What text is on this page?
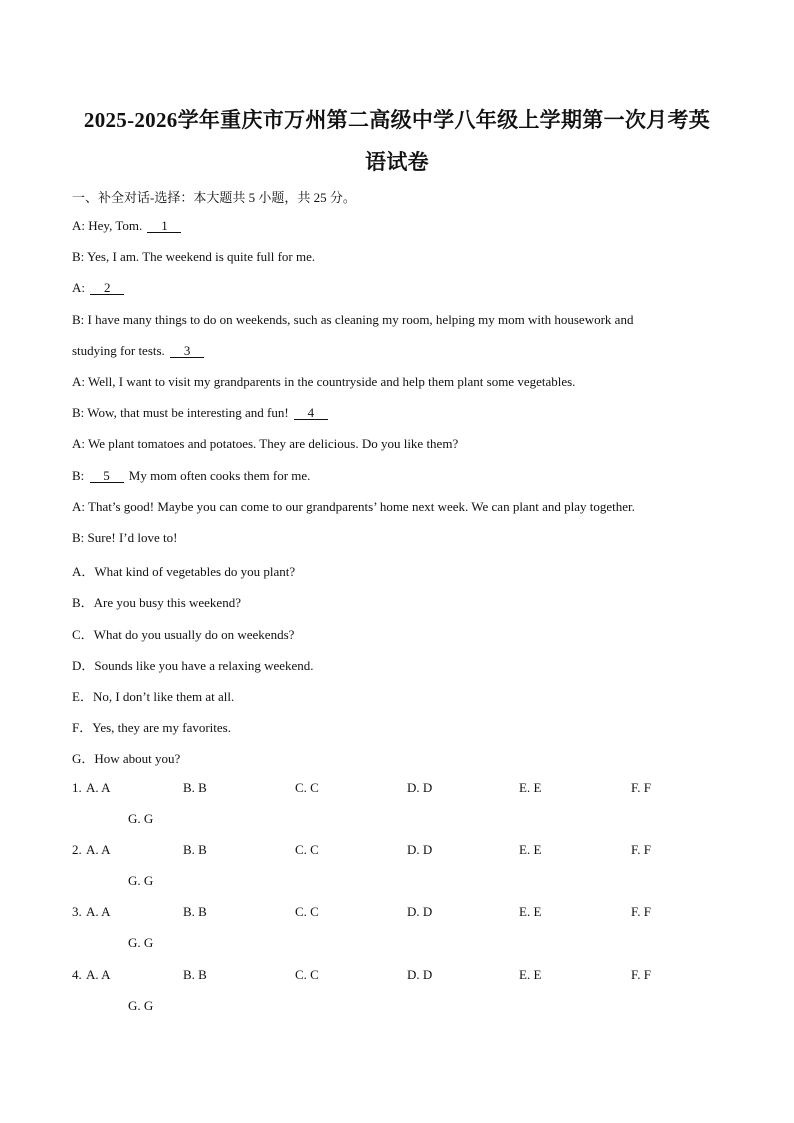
2025-2026学年重庆市万州第二高级中学八年级上学期第一次月考英
语试卷
一、补全对话-选择：本大题共 5 小题，共 25 分。
A: Hey, Tom. 1
B: Yes, I am. The weekend is quite full for me.
A: 2
B: I have many things to do on weekends, such as cleaning my room, helping my mom with housework and
studying for tests. 3
A: Well, I want to visit my grandparents in the countryside and help them plant some vegetables.
B: Wow, that must be interesting and fun! 4
A: We plant tomatoes and potatoes. They are delicious. Do you like them?
B: 5 My mom often cooks them for me.
A: That’s good! Maybe you can come to our grandparents’ home next week. We can plant and play together.
B: Sure! I’d love to!
A．What kind of vegetables do you plant?
B．Are you busy this weekend?
C．What do you usually do on weekends?
D．Sounds like you have a relaxing weekend.
E．No, I don’t like them at all.
F．Yes, they are my favorites.
G．How about you?
1. A. A	B. B	C. C	D. D	E. E	F. F
G. G
2. A. A	B. B	C. C	D. D	E. E	F. F
G. G
3. A. A	B. B	C. C	D. D	E. E	F. F
G. G
4. A. A	B. B	C. C	D. D	E. E	F. F
G. G
